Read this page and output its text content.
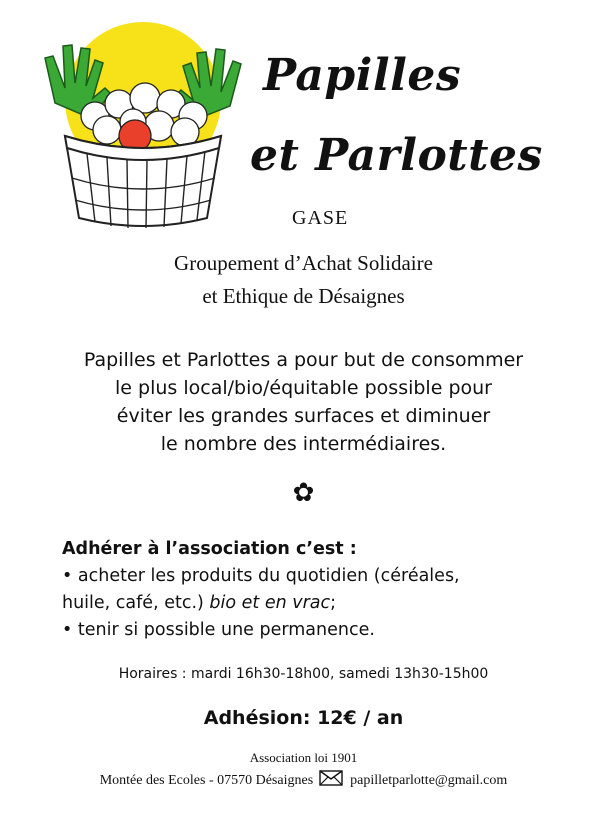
Papilles
et Parlottes
GASE
Groupement d’Achat Solidaire
et Ethique de Désaignes
Papilles et Parlottes a pour but de consommer
le plus local/bio/équitable possible pour
éviter les grandes surfaces et diminuer
le nombre des intermédiaires.
✿
Adhérer à l’association c’est :
• acheter les produits du quotidien (céréales,
huile, café, etc.) bio et en vrac;
• tenir si possible une permanence.
Horaires : mardi 16h30-18h00, samedi 13h30-15h00
Adhésion: 12€ / an
Association loi 1901
Montée des Ecoles - 07570 Désaignes	papilletparlotte@gmail.com
